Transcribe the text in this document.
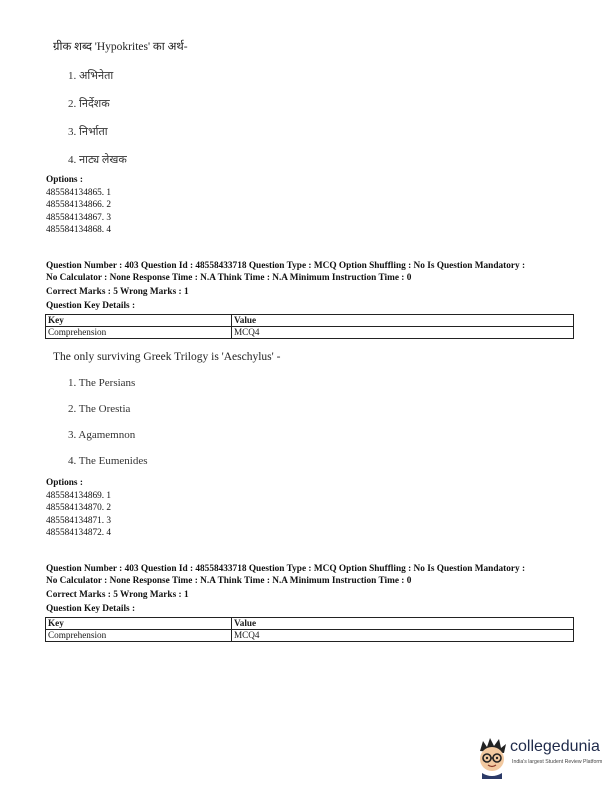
ग्रीक शब्द 'Hypokrites' का अर्थ-
1. अभिनेता
2. निर्देशक
3. निर्भाता
4. नाट्य लेखक
Options :
485584134865. 1
485584134866. 2
485584134867. 3
485584134868. 4
Question Number : 403 Question Id : 48558433718 Question Type : MCQ Option Shuffling : No Is Question Mandatory :
No Calculator : None Response Time : N.A Think Time : N.A Minimum Instruction Time : 0
Correct Marks : 5 Wrong Marks : 1
Question Key Details :
Key	Value
Comprehension	MCQ4
The only surviving Greek Trilogy is 'Aeschylus' -
1. The Persians
2. The Orestia
3. Agamemnon
4. The Eumenides
Options :
485584134869. 1
485584134870. 2
485584134871. 3
485584134872. 4
Question Number : 403 Question Id : 48558433718 Question Type : MCQ Option Shuffling : No Is Question Mandatory :
No Calculator : None Response Time : N.A Think Time : N.A Minimum Instruction Time : 0
Correct Marks : 5 Wrong Marks : 1
Question Key Details :
Key	Value
Comprehension	MCQ4
collegedunia
India's largest Student Review Platform
